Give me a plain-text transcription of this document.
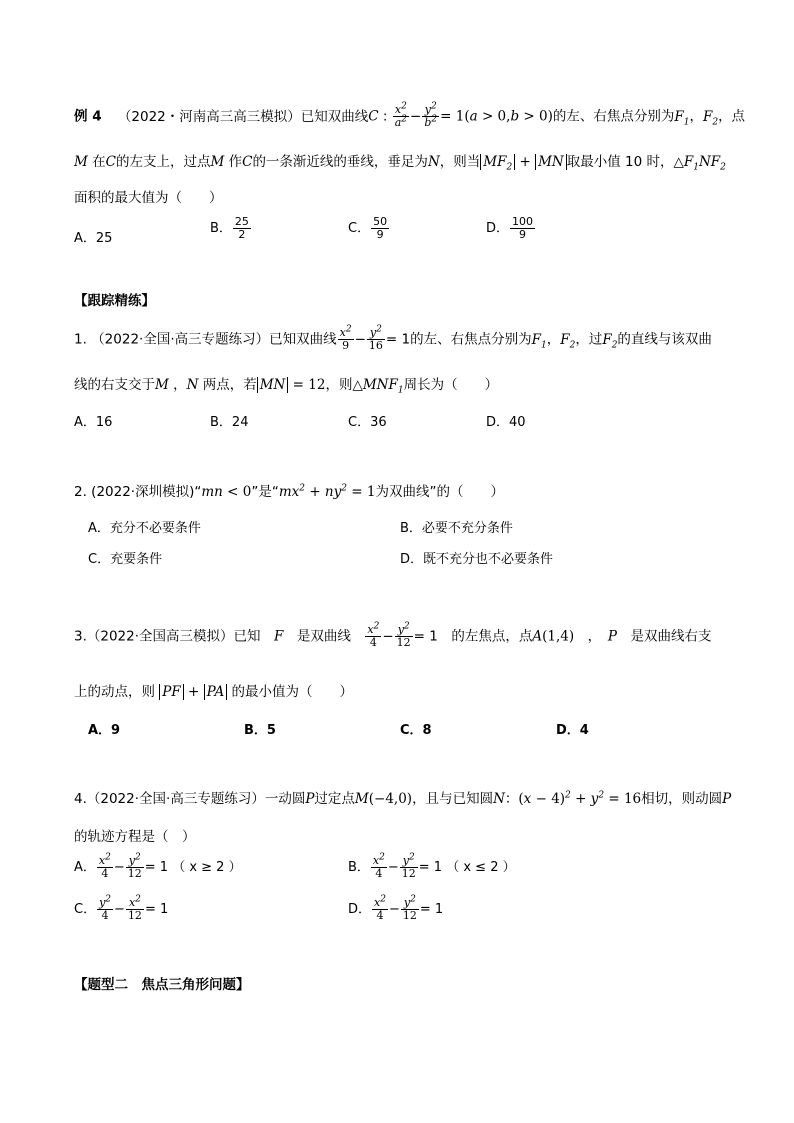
例 4 （2022・河南高三高三模拟）已知双曲线C : $\frac{x^2}{a^2} - \frac{y^2}{b^2} = 1(a > 0,b > 0)$的左、右焦点分别为$F_1$，$F_2$，点
M 在C的左支上，过点M 作C的一条渐近线的垂线，垂足为N，则当 $MF_2$ + MN 取最小值 10 时，$\triangle F_1NF_2$
面积的最大值为（　　）
A．25
B． $\frac{25}{2}$	C． $\frac{50}{9}$	D． $\frac{100}{9}$
【跟踪精练】
1. （2022·全国·高三专题练习）已知双曲线 $\frac{x^2}{9} - \frac{y^2}{16} = 1$的左、右焦点分别为$F_1$，$F_2$，过$F_2$的直线与该双曲
线的右支交于M ，N 两点，若 MN = 12，则$\triangle MNF_1$周长为（　　）
A．16	B．24	C．36	D．40
2. (2022·深圳模拟)“mn < 0”是“$mx^2 + ny^2 = 1$为双曲线”的（　　）
A．充分不必要条件	B．必要不充分条件
C．充要条件	D．既不充分也不必要条件
3.（2022·全国高三模拟）已知　 F　 是双曲线　 $\frac{x^2}{4} - \frac{y^2}{12} = 1$　的左焦点，点A(1,4)　，　P　 是双曲线右支
上的动点，则 PF + PA 的最小值为（　　）
A．9	B．5	C．8	D．4
4.（2022·全国·高三专题练习）一动圆P过定点M(−4,0)，且与已知圆N：$(x - 4)^2 + y^2 = 16$相切，则动圆P
的轨迹方程是（　）
A． $\frac{x^2}{4} - \frac{y^2}{12} = 1$ （ x ≥ 2 ）	B． $\frac{x^2}{4} - \frac{y^2}{12} = 1$ （ x ≤ 2 ）
C． $\frac{y^2}{4} - \frac{x^2}{12} = 1$	D． $\frac{x^2}{4} - \frac{y^2}{12} = 1$
【题型二　焦点三角形问题】
